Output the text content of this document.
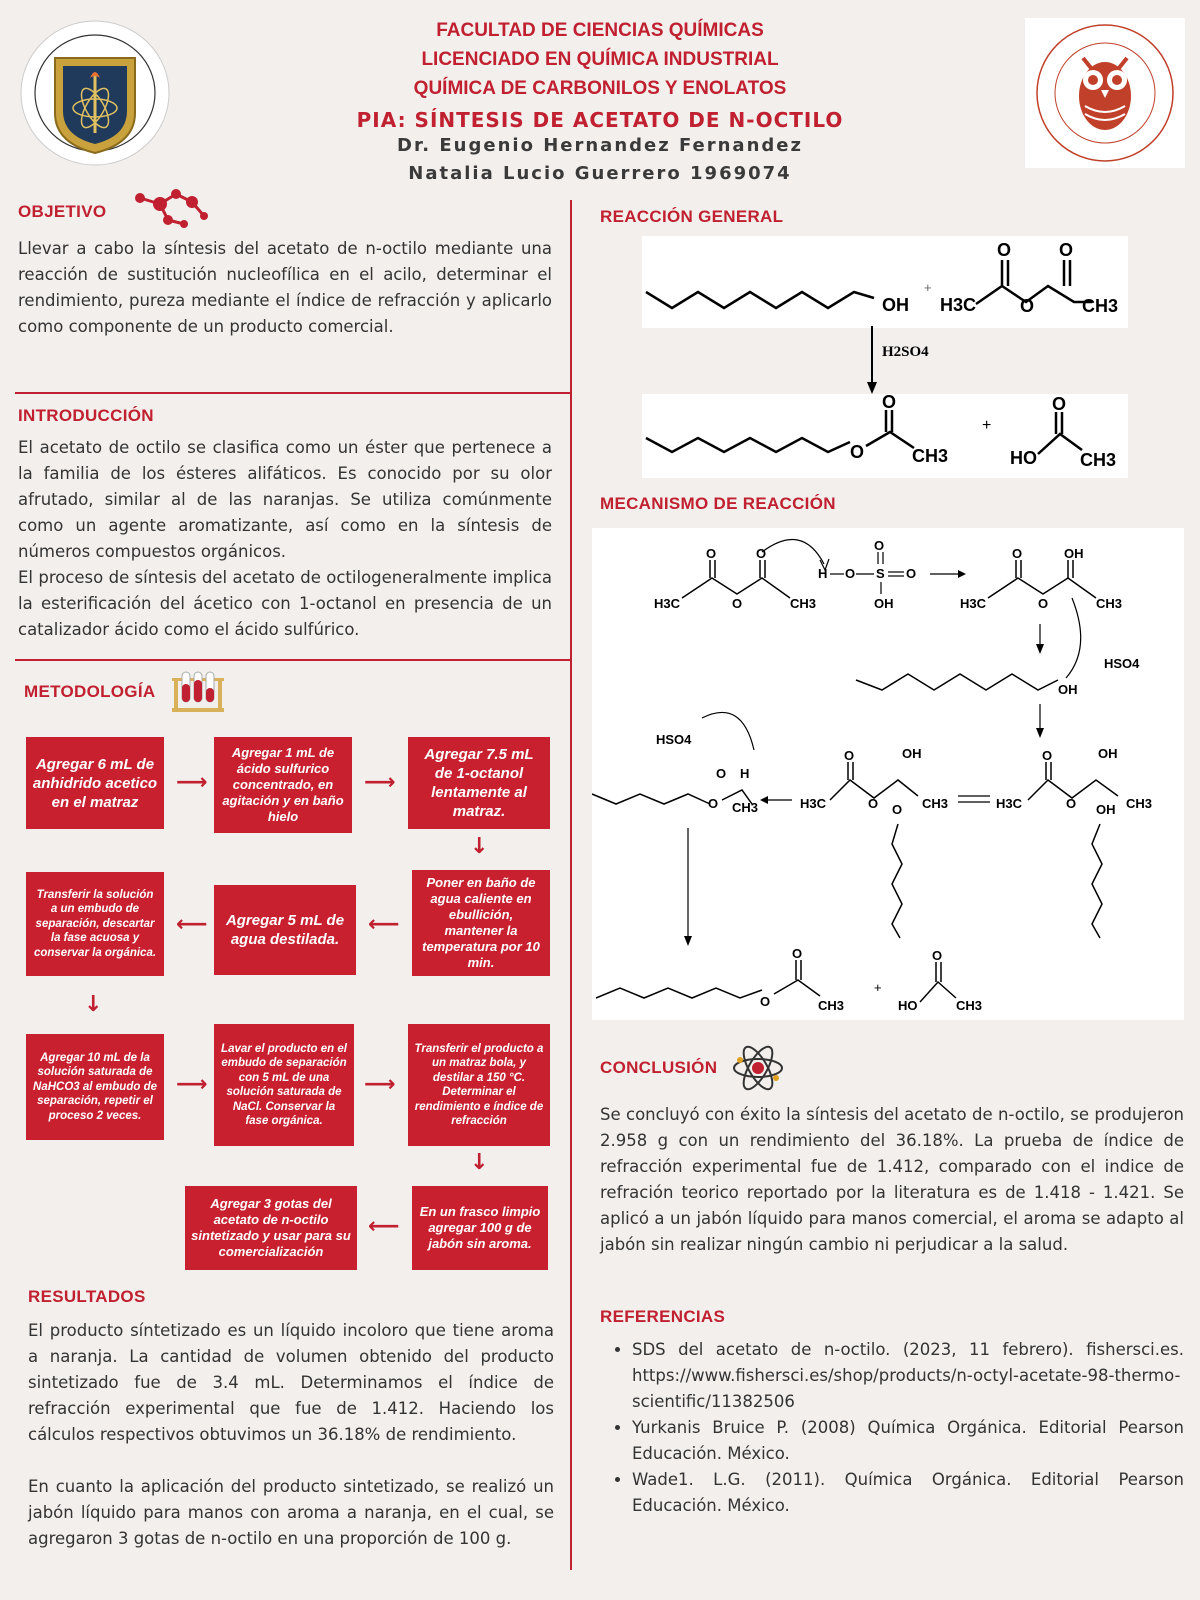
FACULTAD DE CIENCIAS QUÍMICAS
LICENCIADO EN QUÍMICA INDUSTRIAL
QUÍMICA DE CARBONILOS Y ENOLATOS
PIA: SÍNTESIS DE ACETATO DE N-OCTILO
Dr. Eugenio Hernandez Fernandez
Natalia Lucio Guerrero 1969074
OBJETIVO
Llevar a cabo la síntesis del acetato de n-octilo mediante una reacción de sustitución nucleofílica en el acilo, determinar el rendimiento, pureza mediante el índice de refracción y aplicarlo como componente de un producto comercial.
INTRODUCCIÓN
El acetato de octilo se clasifica como un éster que pertenece a la familia de los ésteres alifáticos. Es conocido por su olor afrutado, similar al de las naranjas. Se utiliza comúnmente como un agente aromatizante, así como en la síntesis de números compuestos orgánicos.
El proceso de síntesis del acetato de octilogeneralmente implica la esterificación del ácetico con 1-octanol en presencia de un catalizador ácido como el ácido sulfúrico.
METODOLOGÍA
Agregar 6 mL de anhidrido acetico en el matraz
⟶
Agregar 1 mL de ácido sulfurico concentrado, en agitación y en baño hielo
⟶
Agregar 7.5 mL de 1-octanol lentamente al matraz.
↓
Transferir la solución a un embudo de separación, descartar la fase acuosa y conservar la orgánica.
⟵	Agregar 5 mL de agua destilada.
⟵
Poner en baño de agua caliente en ebullición, mantener la temperatura por 10 min.
↓
Agregar 10 mL de la solución saturada de NaHCO3 al embudo de separación, repetir el proceso 2 veces.
⟶
Lavar el producto en el embudo de separación con 5 mL de una solución saturada de NaCl. Conservar la fase orgánica.
⟶
Transferir el producto a un matraz bola, y destilar a 150 °C. Determinar el rendimiento e índice de refracción
↓
Agregar 3 gotas del acetato de n-octilo sintetizado y usar para su comercialización
⟵
En un frasco limpio agregar 100 g de jabón sin aroma.
RESULTADOS
El producto síntetizado es un líquido incoloro que tiene aroma a naranja. La cantidad de volumen obtenido del producto sintetizado fue de 3.4 mL. Determinamos el índice de refracción experimental que fue de 1.412. Haciendo los cálculos respectivos obtuvimos un 36.18% de rendimiento.
En cuanto la aplicación del producto sintetizado, se realizó un jabón líquido para manos con aroma a naranja, en el cual, se agregaron 3 gotas de n-octilo en una proporción de 100 g.
REACCIÓN GENERAL
OH
+
H3C
O	O
O	CH3
H2SO4
O
O
CH3
+
HO
O
CH3
MECANISMO DE REACCIÓN
O	O
O
H3C	CH3
H O S O
O
OH
O	OH
O
H3C	CH3
OH
HSO4
HSO4
O H
O CH3	H3C
O
O
OH
CH3
O	H3C
O
O
OH
CH3
OH
O
O
CH3
+
HO
O
CH3
CONCLUSIÓN
Se concluyó con éxito la síntesis del acetato de n-octilo, se produjeron 2.958 g con un rendimiento del 36.18%. La prueba de índice de refracción experimental fue de 1.412, comparado con el indice de refración teorico reportado por la literatura es de 1.418 - 1.421. Se aplicó a un jabón líquido para manos comercial, el aroma se adapto al jabón sin realizar ningún cambio ni perjudicar a la salud.
REFERENCIAS
• SDS del acetato de n-octilo. (2023, 11 febrero). fishersci.es. https://www.fishersci.es/shop/products/n-octyl-acetate-98-thermo-scientific/11382506
• Yurkanis Bruice P. (2008) Química Orgánica. Editorial Pearson Educación. México.
• Wade1. L.G. (2011). Química Orgánica. Editorial Pearson Educación. México.
